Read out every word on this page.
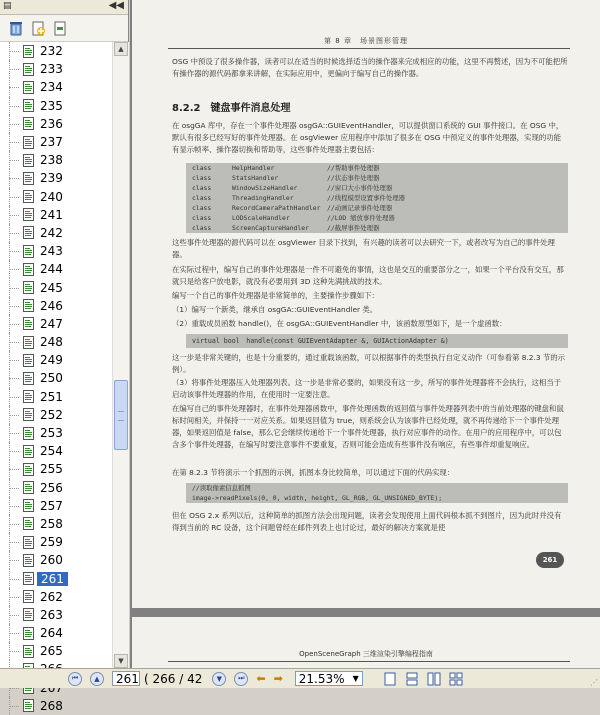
▤	◀◀
232
233
234
235
236
237
238
239
240
241
242
243
244
245
246
247
248
249
250
251
252
253
254
255
256
257
258
259
260
261
262
263
264
265
268
▲
▼
第 8 章　场景图形管理
OSG 中预设了很多操作器，读者可以在适当的时候选择适当的操作器来完成相应的功能，这里不再赘述，因为不可能把所有操作器的源代码都拿来讲解，在实际应用中，更偏向于编写自己的操作器。
8.2.2　键盘事件消息处理
在 osgGA 库中，存在一个事件处理器 osgGA::GUIEventHandler，可以提供窗口系统的 GUI 事件接口。在 OSG 中，默认有很多已经写好的事件处理器。在 osgViewer 应用程序中添加了很多在 OSG 中预定义的事件处理器，实现的功能有显示帧率、操作器切换和帮助等，这些事件处理器主要包括：
class	HelpHandler	//帮助事件处理器
class	StatsHandler	//状态事件处理器
class	WindowSizeHandler	//窗口大小事件处理器
class	ThreadingHandler	//线程模型设置事件处理器
class	RecordCameraPathHandler	//动画记录事件处理器
class	LODScaleHandler	//LOD 缩放事件处理器
class	ScreenCaptureHandler	//截屏事件处理器
这些事件处理器的源代码可以在 osgViewer 目录下找到，有兴趣的读者可以去研究一下，或者改写为自己的事件处理器。
在实际过程中，编写自己的事件处理器是一件不可避免的事情，这也是交互的重要部分之一，如果一个平台没有交互，那就只是给客户放电影，就没有必要用到 3D 这种先满挑战的技术。
编写一个自己的事件处理器是非常简单的，主要操作步骤如下：
（1）编写一个新类，继承自 osgGA::GUIEventHandler 类。
（2）重载成员函数 handle()，在 osgGA::GUIEventHandler 中，该函数原型如下，是一个虚函数：
virtual bool　handle(const GUIEventAdapter &, GUIActionAdapter &)
这一步是非常关键的，也是十分重要的，通过重载该函数，可以根据事件的类型执行自定义动作（可参看第 8.2.3 节的示例）。
（3）将事件处理器压入处理器列表。这一步是非常必要的，如果没有这一步，所写的事件处理器将不会执行，这相当于启动该事件处理器的作用，在使用时一定要注意。
在编写自己的事件处理器时，在事件处理器函数中，事件处理函数的返回值与事件处理器列表中的当前处理器的键盘和鼠标时间相关，并保持一一对应关系。如果返回值为 true，则系统会认为该事件已经处理，就不再传递给下一个事件处理器，如果返回值是 false，那么它会继续传递给下一个事件处理器，执行对应事件的动作。在用户的应用程序中，可以包含多个事件处理器，在编写时要注意事件不要重复，否则可能会造成有些事件没有响应，有些事件却重复响应。
在第 8.2.3 节将演示一个抓图的示例，抓图本身比较简单，可以通过下面的代码实现：
//读取像素信息抓图
image->readPixels(0, 0, width, height, GL_RGB, GL_UNSIGNED_BYTE);
但在 OSG 2.x 系列以后，这种简单的抓图方法会出现问题，读者会发现使用上面代码根本抓不到图片，因为此时并没有得到当前的 RC 设备，这个问题曾经在邮件列表上也讨论过，最好的解决方案就是使
261
OpenSceneGraph 三维渲染引擎编程指南
⏮	▲	261 ( 266 / 42	▼	⏭	⬅ ➡ 21.53% ▼	⋰
